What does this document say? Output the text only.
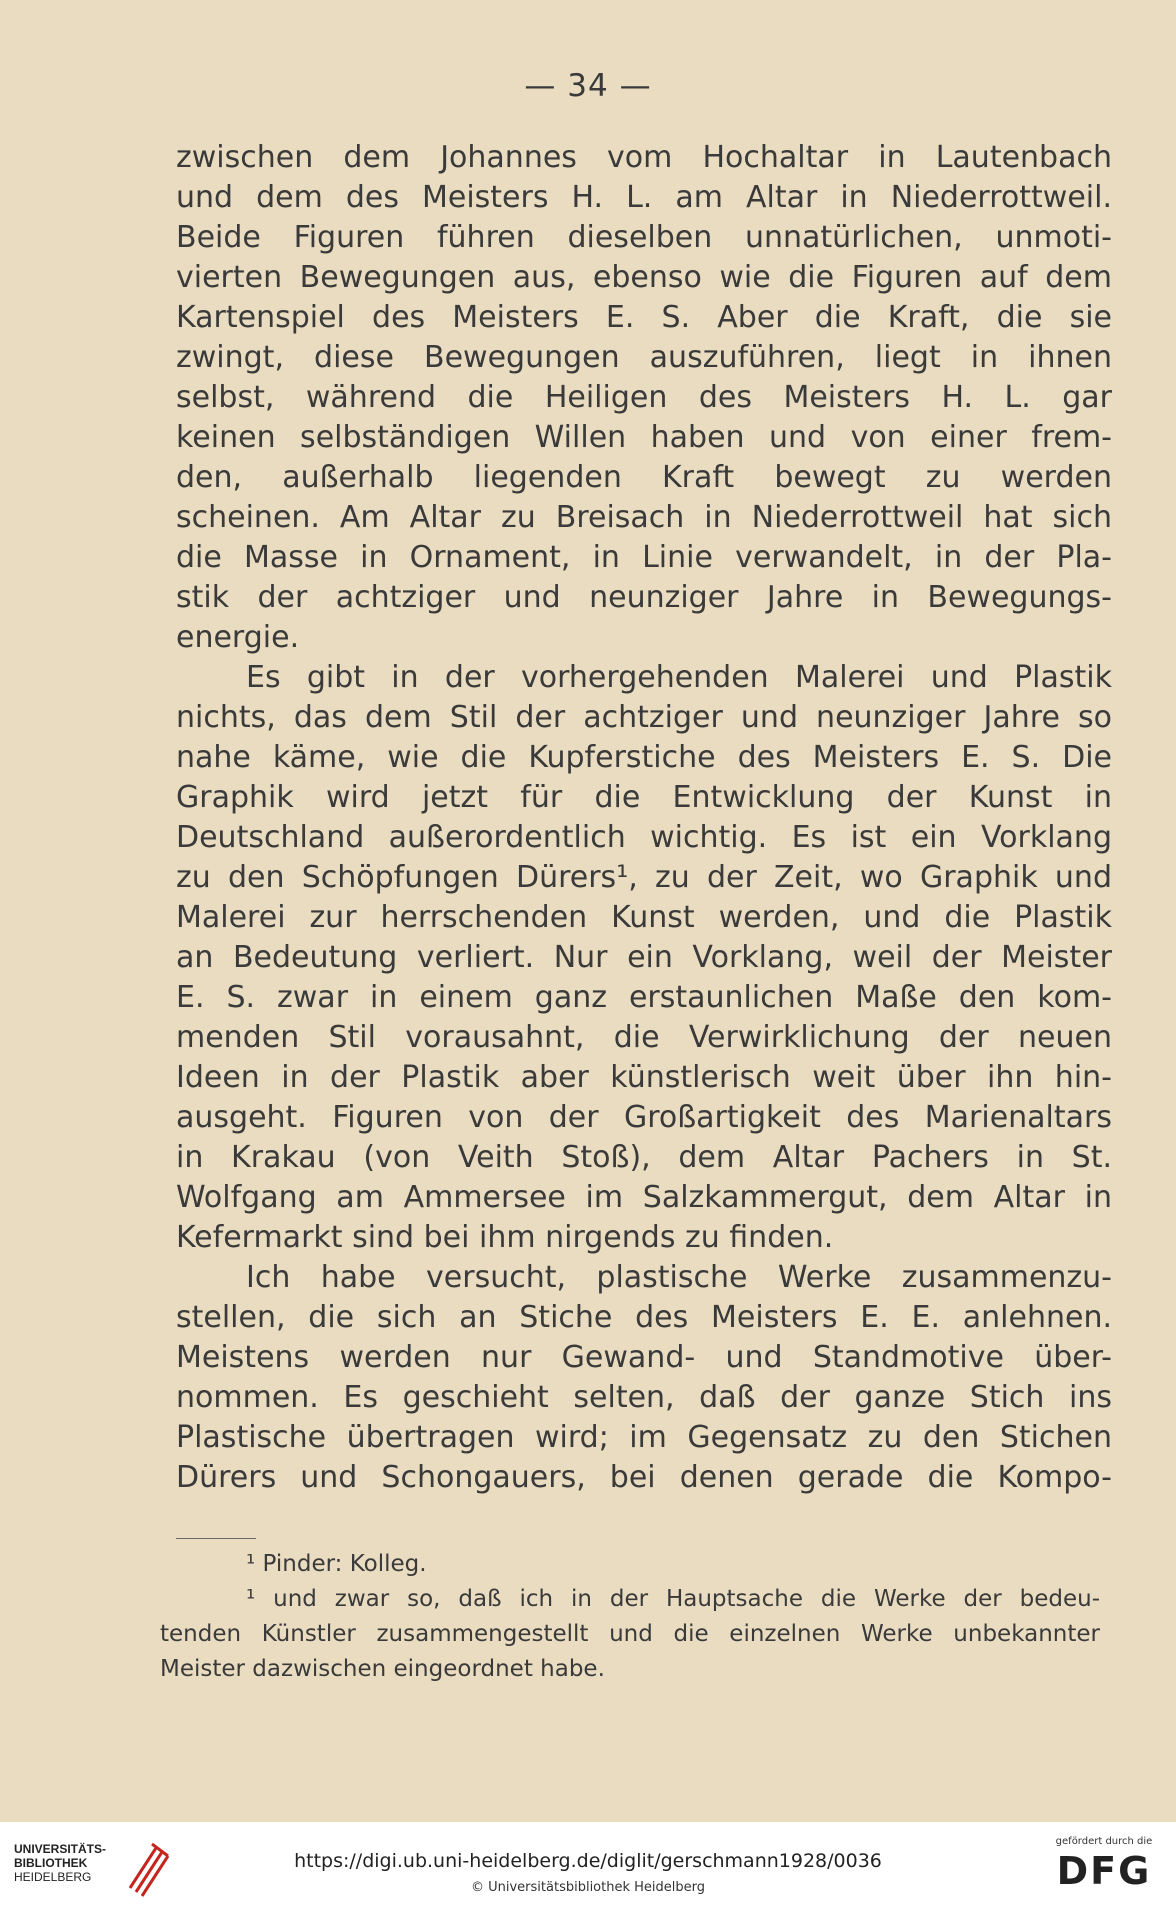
— 34 —
zwischen dem Johannes vom Hochaltar in Lautenbach
und dem des Meisters H. L. am Altar in Niederrottweil.
Beide Figuren führen dieselben unnatürlichen, unmoti-
vierten Bewegungen aus, ebenso wie die Figuren auf dem
Kartenspiel des Meisters E. S. Aber die Kraft, die sie
zwingt, diese Bewegungen auszuführen, liegt in ihnen
selbst, während die Heiligen des Meisters H. L. gar
keinen selbständigen Willen haben und von einer frem-
den, außerhalb liegenden Kraft bewegt zu werden
scheinen. Am Altar zu Breisach in Niederrottweil hat sich
die Masse in Ornament, in Linie verwandelt, in der Pla-
stik der achtziger und neunziger Jahre in Bewegungs-
energie.
Es gibt in der vorhergehenden Malerei und Plastik
nichts, das dem Stil der achtziger und neunziger Jahre so
nahe käme, wie die Kupferstiche des Meisters E. S. Die
Graphik wird jetzt für die Entwicklung der Kunst in
Deutschland außerordentlich wichtig. Es ist ein Vorklang
zu den Schöpfungen Dürers¹, zu der Zeit, wo Graphik und
Malerei zur herrschenden Kunst werden, und die Plastik
an Bedeutung verliert. Nur ein Vorklang, weil der Meister
E. S. zwar in einem ganz erstaunlichen Maße den kom-
menden Stil vorausahnt, die Verwirklichung der neuen
Ideen in der Plastik aber künstlerisch weit über ihn hin-
ausgeht. Figuren von der Großartigkeit des Marienaltars
in Krakau (von Veith Stoß), dem Altar Pachers in St.
Wolfgang am Ammersee im Salzkammergut, dem Altar in
Kefermarkt sind bei ihm nirgends zu finden.
Ich habe versucht, plastische Werke zusammenzu-
stellen, die sich an Stiche des Meisters E. E. anlehnen.
Meistens werden nur Gewand- und Standmotive über-
nommen. Es geschieht selten, daß der ganze Stich ins
Plastische übertragen wird; im Gegensatz zu den Stichen
Dürers und Schongauers, bei denen gerade die Kompo-
¹ Pinder: Kolleg.
¹ und zwar so, daß ich in der Hauptsache die Werke der bedeu-
tenden Künstler zusammengestellt und die einzelnen Werke unbekannter
Meister dazwischen eingeordnet habe.
UNIVERSITÄTS-
BIBLIOTHEK
HEIDELBERG
https://digi.ub.uni-heidelberg.de/diglit/gerschmann1928/0036
© Universitätsbibliothek Heidelberg
gefördert durch die
DFG
